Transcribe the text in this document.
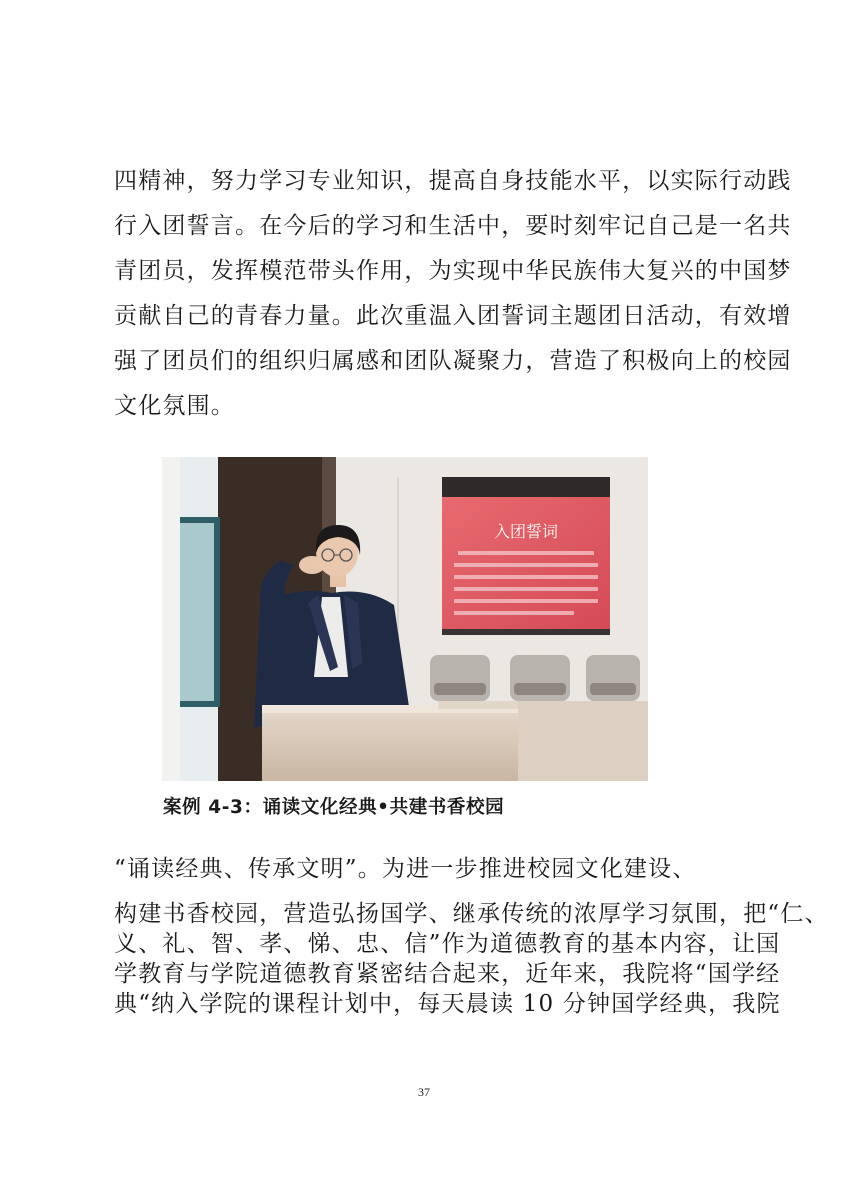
四精神，努力学习专业知识，提高自身技能水平，以实际行动践
行入团誓言。在今后的学习和生活中，要时刻牢记自己是一名共
青团员，发挥模范带头作用，为实现中华民族伟大复兴的中国梦
贡献自己的青春力量。此次重温入团誓词主题团日活动，有效增
强了团员们的组织归属感和团队凝聚力，营造了积极向上的校园
文化氛围。
入团誓词
案例 4-3：诵读文化经典•共建书香校园
“诵读经典、传承文明”。为进一步推进校园文化建设、
构建书香校园，营造弘扬国学、继承传统的浓厚学习氛围，把“仁、
义、礼、智、孝、悌、忠、信”作为道德教育的基本内容，让国
学教育与学院道德教育紧密结合起来，近年来，我院将“国学经
典“纳入学院的课程计划中，每天晨读 10 分钟国学经典，我院
37
